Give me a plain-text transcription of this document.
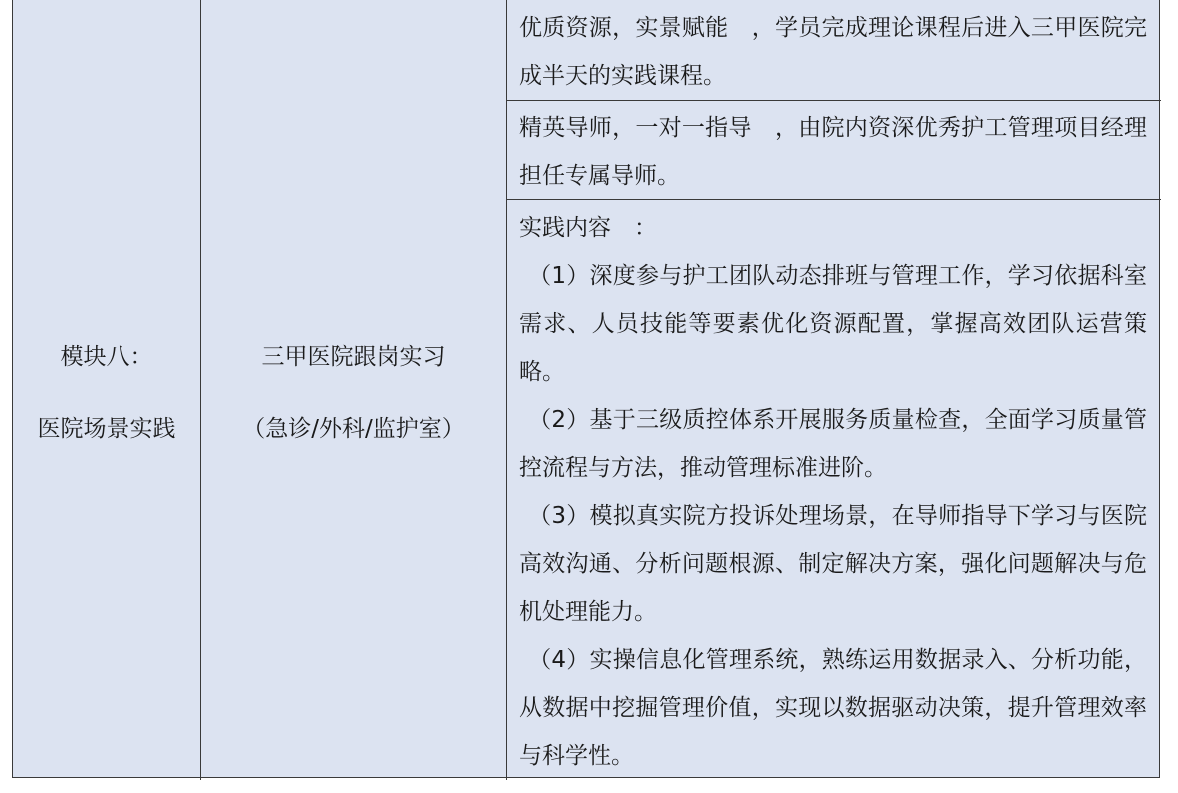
模块八：
医院场景实践
三甲医院跟岗实习
（急诊/外科/监护室）
优质资源，实景赋能　，学员完成理论课程后进入三甲医院完成半天的实践课程。
精英导师，一对一指导　，由院内资深优秀护工管理项目经理担任专属导师。
实践内容　：
（1）深度参与护工团队动态排班与管理工作，学习依据科室需求、人员技能等要素优化资源配置，掌握高效团队运营策略。
（2）基于三级质控体系开展服务质量检查，全面学习质量管控流程与方法，推动管理标准进阶。
（3）模拟真实院方投诉处理场景，在导师指导下学习与医院高效沟通、分析问题根源、制定解决方案，强化问题解决与危机处理能力。
（4）实操信息化管理系统，熟练运用数据录入、分析功能，从数据中挖掘管理价值，实现以数据驱动决策，提升管理效率与科学性。
